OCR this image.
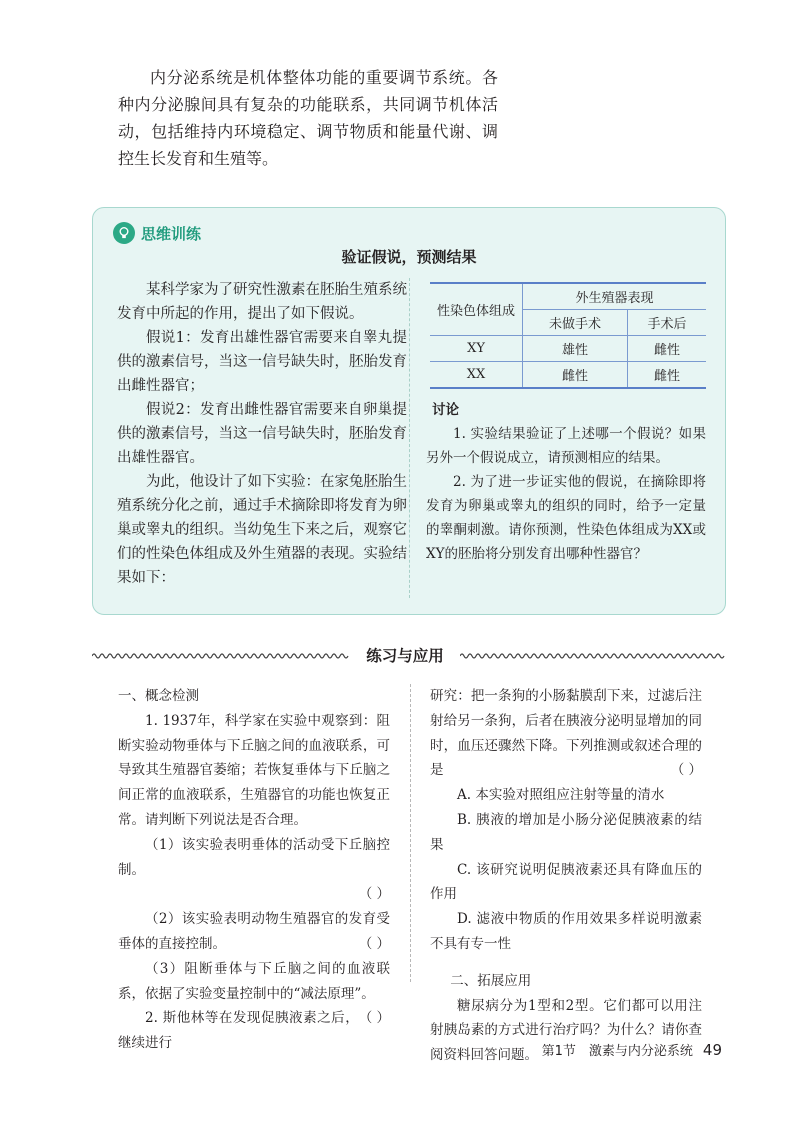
内分泌系统是机体整体功能的重要调节系统。各种内分泌腺间具有复杂的功能联系，共同调节机体活动，包括维持内环境稳定、调节物质和能量代谢、调控生长发育和生殖等。

思维训练
验证假说，预测结果

某科学家为了研究性激素在胚胎生殖系统发育中所起的作用，提出了如下假说。

假说1：发育出雄性器官需要来自睾丸提供的激素信号，当这一信号缺失时，胚胎发育出雌性器官；

假说2：发育出雌性器官需要来自卵巢提供的激素信号，当这一信号缺失时，胚胎发育出雄性器官。

为此，他设计了如下实验：在家兔胚胎生殖系统分化之前，通过手术摘除即将发育为卵巢或睾丸的组织。当幼兔生下来之后，观察它们的性染色体组成及外生殖器的表现。实验结果如下：

性染色体组成	外生殖器表现	
	未做手术	手术后
XY	雄性	雌性
XX	雌性	雌性

讨论

1. 实验结果验证了上述哪一个假说？如果另外一个假说成立，请预测相应的结果。

2. 为了进一步证实他的假说，在摘除即将发育为卵巢或睾丸的组织的同时，给予一定量的睾酮刺激。请你预测，性染色体组成为XX或XY的胚胎将分别发育出哪种性器官？

练习与应用

一、概念检测

1. 1937年，科学家在实验中观察到：阻断实验动物垂体与下丘脑之间的血液联系，可导致其生殖器官萎缩；若恢复垂体与下丘脑之间正常的血液联系，生殖器官的功能也恢复正常。请判断下列说法是否合理。

（1）该实验表明垂体的活动受下丘脑控制。
（ ）

（2）该实验表明动物生殖器官的发育受垂体的直接控制。	（ ）

（3）阻断垂体与下丘脑之间的血液联系，依据了实验变量控制中的“减法原理”。
（ ）

2. 斯他林等在发现促胰液素之后，继续进行

研究：把一条狗的小肠黏膜刮下来，过滤后注射给另一条狗，后者在胰液分泌明显增加的同时，血压还骤然下降。下列推测或叙述合理的是	（ ）

A. 本实验对照组应注射等量的清水

B. 胰液的增加是小肠分泌促胰液素的结果

C. 该研究说明促胰液素还具有降血压的作用

D. 滤液中物质的作用效果多样说明激素不具有专一性

二、拓展应用

糖尿病分为1型和2型。它们都可以用注射胰岛素的方式进行治疗吗？为什么？请你查阅资料回答问题。 第1节　激素与内分泌系统 49
